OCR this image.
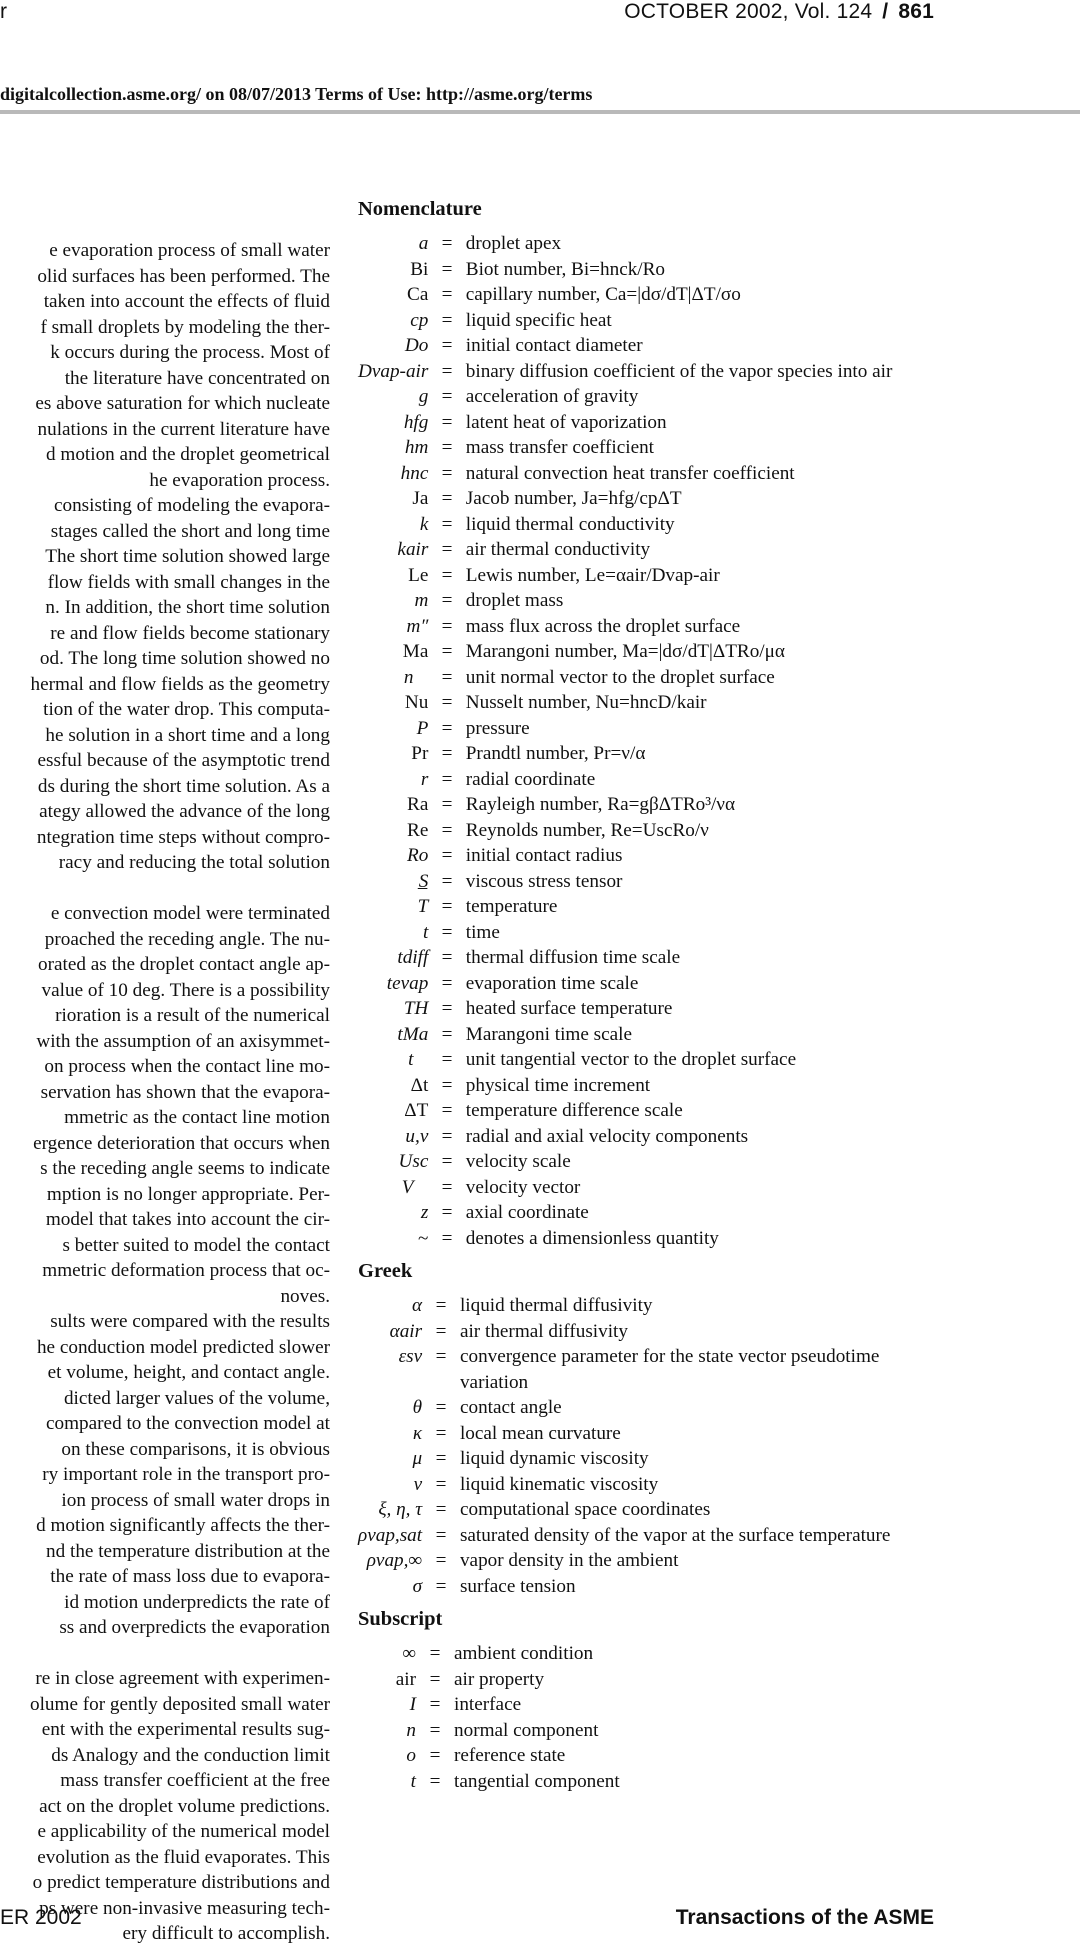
r	OCTOBER 2002, Vol. 124 / 861
digitalcollection.asme.org/ on 08/07/2013 Terms of Use: http://asme.org/terms
e evaporation process of small water
olid surfaces has been performed. The
taken into account the effects of fluid
f small droplets by modeling the ther-
k occurs during the process. Most of
the literature have concentrated on
es above saturation for which nucleate
nulations in the current literature have
d motion and the droplet geometrical
he evaporation process.
consisting of modeling the evapora-
stages called the short and long time
The short time solution showed large
flow fields with small changes in the
n. In addition, the short time solution
re and flow fields become stationary
od. The long time solution showed no
hermal and flow fields as the geometry
tion of the water drop. This computa-
he solution in a short time and a long
essful because of the asymptotic trend
ds during the short time solution. As a
ategy allowed the advance of the long
ntegration time steps without compro-
racy and reducing the total solution

e convection model were terminated
proached the receding angle. The nu-
orated as the droplet contact angle ap-
value of 10 deg. There is a possibility
rioration is a result of the numerical
with the assumption of an axisymmet-
on process when the contact line mo-
servation has shown that the evapora-
mmetric as the contact line motion
ergence deterioration that occurs when
s the receding angle seems to indicate
mption is no longer appropriate. Per-
model that takes into account the cir-
s better suited to model the contact
mmetric deformation process that oc-
noves.
sults were compared with the results
he conduction model predicted slower
et volume, height, and contact angle.
dicted larger values of the volume,
compared to the convection model at
on these comparisons, it is obvious
ry important role in the transport pro-
ion process of small water drops in
d motion significantly affects the ther-
nd the temperature distribution at the
the rate of mass loss due to evapora-
id motion underpredicts the rate of
ss and overpredicts the evaporation

re in close agreement with experimen-
olume for gently deposited small water
ent with the experimental results sug-
ds Analogy and the conduction limit
mass transfer coefficient at the free
act on the droplet volume predictions.
e applicability of the numerical model
evolution as the fluid evaporates. This
o predict temperature distributions and
ps were non-invasive measuring tech-
ery difficult to accomplish.
Nomenclature
a	=	droplet apex
Bi	=	Biot number, Bi=hnck/Ro
Ca	=	capillary number, Ca=|dσ/dT|ΔT/σo
cp	=	liquid specific heat
Do	=	initial contact diameter
Dvap-air	=	binary diffusion coefficient of the vapor species into air
g	=	acceleration of gravity
hfg	=	latent heat of vaporization
hm	=	mass transfer coefficient
hnc	=	natural convection heat transfer coefficient
Ja	=	Jacob number, Ja=hfg/cpΔT
k	=	liquid thermal conductivity
kair	=	air thermal conductivity
Le	=	Lewis number, Le=αair/Dvap-air
m	=	droplet mass
m″	=	mass flux across the droplet surface
Ma	=	Marangoni number, Ma=|dσ/dT|ΔTRo/μα
n⃗	=	unit normal vector to the droplet surface
Nu	=	Nusselt number, Nu=hncD/kair
P	=	pressure
Pr	=	Prandtl number, Pr=ν/α
r	=	radial coordinate
Ra	=	Rayleigh number, Ra=gβΔTRo³/να
Re	=	Reynolds number, Re=UscRo/ν
Ro	=	initial contact radius
S̲	=	viscous stress tensor
T	=	temperature
t	=	time
tdiff	=	thermal diffusion time scale
tevap	=	evaporation time scale
TH	=	heated surface temperature
tMa	=	Marangoni time scale
t⃗	=	unit tangential vector to the droplet surface
Δt	=	physical time increment
ΔT	=	temperature difference scale
u,v	=	radial and axial velocity components
Usc	=	velocity scale
V⃗	=	velocity vector
z	=	axial coordinate
~	=	denotes a dimensionless quantity
Greek
α	=	liquid thermal diffusivity
αair	=	air thermal diffusivity
εsv	=	convergence parameter for the state vector pseudotime variation
θ	=	contact angle
κ	=	local mean curvature
μ	=	liquid dynamic viscosity
ν	=	liquid kinematic viscosity
ξ, η, τ	=	computational space coordinates
ρvap,sat	=	saturated density of the vapor at the surface temperature
ρvap,∞	=	vapor density in the ambient
σ	=	surface tension
Subscript
∞	=	ambient condition
air	=	air property
I	=	interface
n	=	normal component
o	=	reference state
t	=	tangential component
ER 2002	Transactions of the ASME
